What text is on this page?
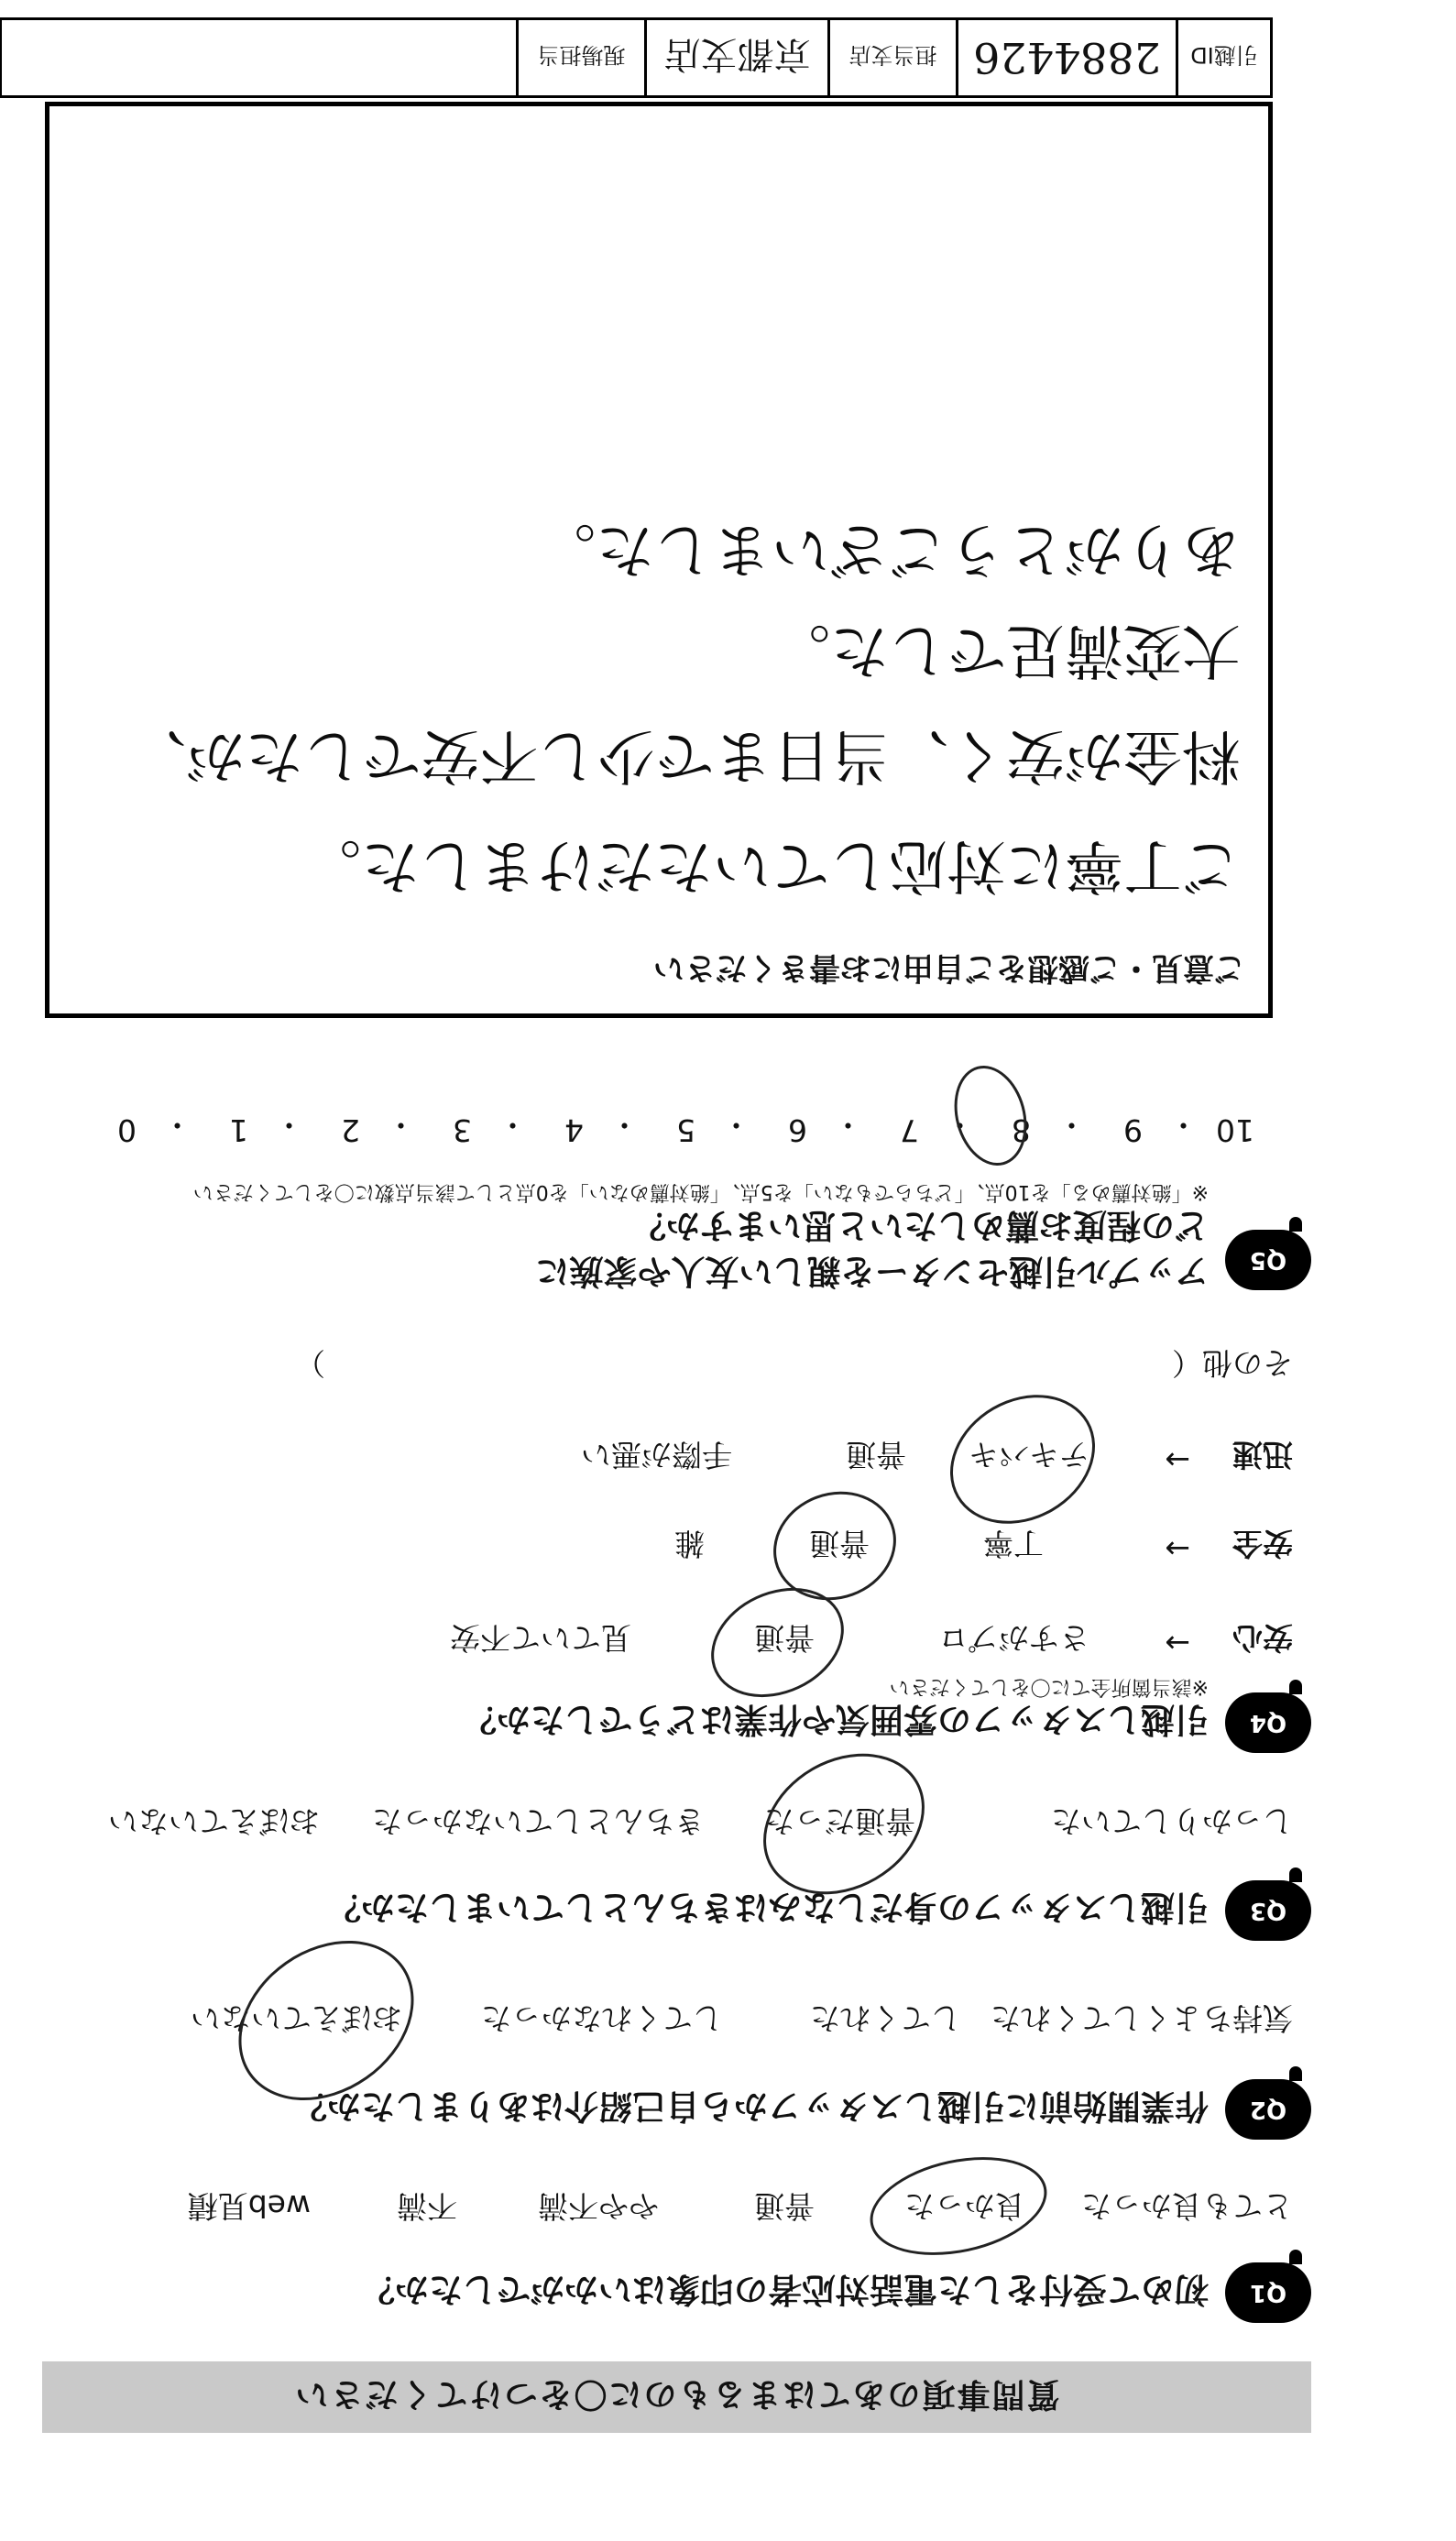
質問事項のあてはまるものに〇をつけてください
Q1
初めて受付をした電話対応者の印象はいかがでしたか？
とても良かった
良かった
普通
やや不満
不満
web見積
Q2
作業開始前に引越しスタッフから自己紹介はありましたか？
気持ちよくしてくれた
してくれた
してくれなかった
おぼえていない
Q3
引越しスタッフの身だしなみはきちんとしていましたか？
しっかりしていた
普通だった
きちんとしていなかった
おぼえていない
Q4
引越しスタッフの雰囲気や作業はどうでしたか？
※該当箇所全てに〇をしてください
安心
→
さすがプロ
普通
見ていて不安
安全
→
丁寧
普通
雑
迅速
→
テキパキ
普通
手際が悪い
その他（　　　　　　　　　　　　　　　　　　　　　　　　　　　　）
Q5
アップル引越センターを親しい友人や家族に
どの程度お薦めしたいと思いますか？
※「絶対薦める」を10点、「どちらでもない」を5点、「絶対薦めない」を0点として該当点数に〇をしてください
10
・
9
・
8
・
7
・
6
・
5
・
4
・
3
・
2
・
1
・
0
ご意見・ご感想をご自由にお書きください
ご丁寧に対応していただけました。
料金が安く、当日まで少し不安でしたが、
大変満足でした。
ありがとうございました。
引越ID
2884426
担当支店
京都支店
現場担当
